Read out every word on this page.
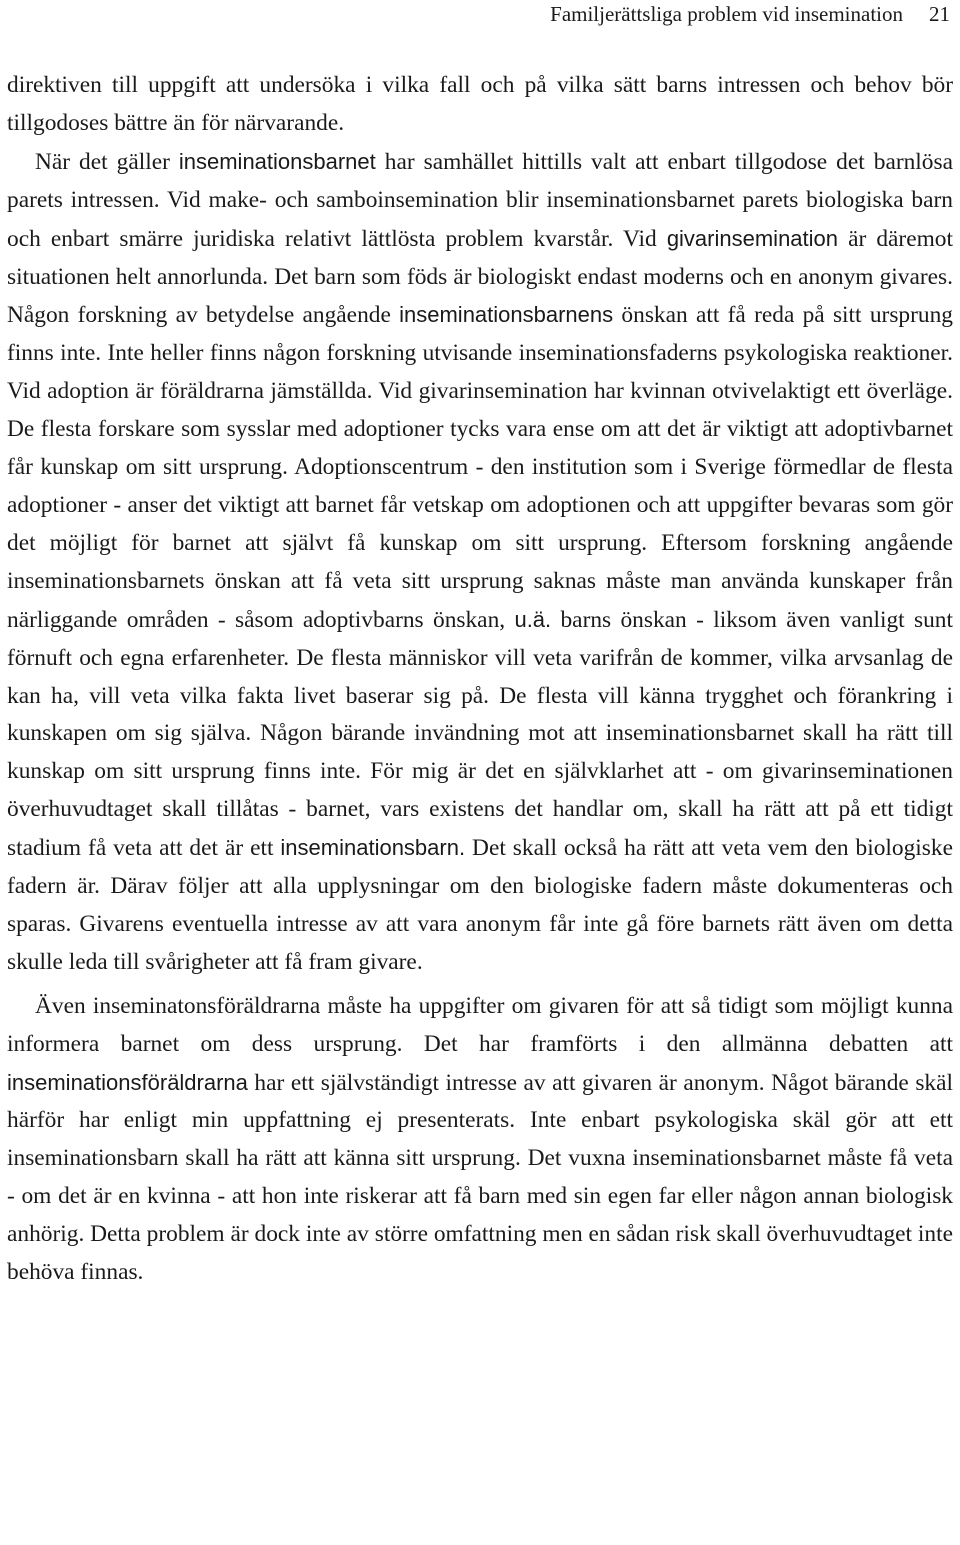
Familjerättsliga problem vid insemination 21

direktiven till uppgift att undersöka i vilka fall och på vilka sätt barns intressen och behov bör tillgodoses bättre än för närvarande.

När det gäller inseminationsbarnet har samhället hittills valt att enbart tillgodose det barnlösa parets intressen. Vid make- och samboinsemination blir inseminationsbarnet parets biologiska barn och enbart smärre juridiska relativt lättlösta problem kvarstår. Vid givarinsemination är däremot situationen helt annorlunda. Det barn som föds är biologiskt endast moderns och en anonym givares. Någon forskning av betydelse angående inseminationsbarnens önskan att få reda på sitt ursprung finns inte. Inte heller finns någon forskning utvisande inseminationsfaderns psykologiska reaktioner. Vid adoption är föräldrarna jämställda. Vid givarinsemination har kvinnan otvivelaktigt ett överläge. De flesta forskare som sysslar med adoptioner tycks vara ense om att det är viktigt att adoptivbarnet får kunskap om sitt ursprung. Adoptionscentrum - den institution som i Sverige förmedlar de flesta adoptioner - anser det viktigt att barnet får vetskap om adoptionen och att uppgifter bevaras som gör det möjligt för barnet att självt få kunskap om sitt ursprung. Eftersom forskning angående inseminationsbarnets önskan att få veta sitt ursprung saknas måste man använda kunskaper från närliggande områden - såsom adoptivbarns önskan, u.ä. barns önskan - liksom även vanligt sunt förnuft och egna erfarenheter. De flesta människor vill veta varifrån de kommer, vilka arvsanlag de kan ha, vill veta vilka fakta livet baserar sig på. De flesta vill känna trygghet och förankring i kunskapen om sig själva. Någon bärande invändning mot att inseminationsbarnet skall ha rätt till kunskap om sitt ursprung finns inte. För mig är det en självklarhet att - om givarinseminationen överhuvudtaget skall tillåtas - barnet, vars existens det handlar om, skall ha rätt att på ett tidigt stadium få veta att det är ett inseminationsbarn. Det skall också ha rätt att veta vem den biologiske fadern är. Därav följer att alla upplysningar om den biologiske fadern måste dokumenteras och sparas. Givarens eventuella intresse av att vara anonym får inte gå före barnets rätt även om detta skulle leda till svårigheter att få fram givare.

Även inseminatonsföräldrarna måste ha uppgifter om givaren för att så tidigt som möjligt kunna informera barnet om dess ursprung. Det har framförts i den allmänna debatten att inseminationsföräldrarna har ett självständigt intresse av att givaren är anonym. Något bärande skäl härför har enligt min uppfattning ej presenterats. Inte enbart psykologiska skäl gör att ett inseminationsbarn skall ha rätt att känna sitt ursprung. Det vuxna inseminationsbarnet måste få veta - om det är en kvinna - att hon inte riskerar att få barn med sin egen far eller någon annan biologisk anhörig. Detta problem är dock inte av större omfattning men en sådan risk skall överhuvudtaget inte behöva finnas.
